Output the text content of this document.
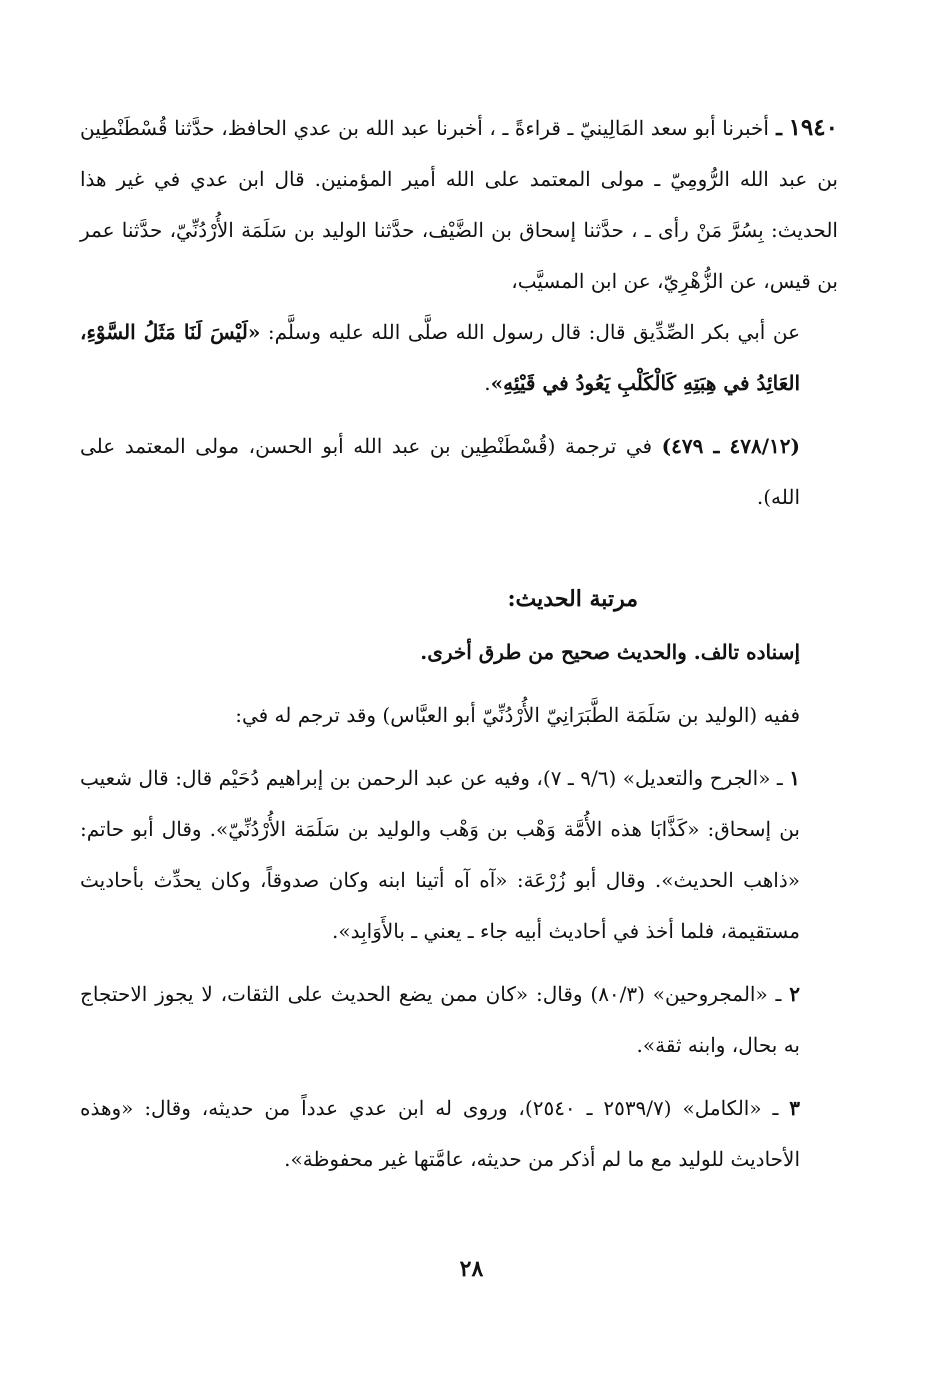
١٩٤٠ ـ أخبرنا أبو سعد المَالِينيّ ـ قراءةً ـ ، أخبرنا عبد الله بن عدي الحافظ، حدَّثنا قُسْطَنْطِين بن عبد الله الرُّومِيّ ـ مولى المعتمد على الله أمير المؤمنين. قال ابن عدي في غير هذا الحديث: بِسُرَّ مَنْ رأى ـ ، حدَّثنا إسحاق بن الضَّيْف، حدَّثنا الوليد بن سَلَمَة الأُرْدُنِّيّ، حدَّثنا عمر بن قيس، عن الزُّهْرِيّ، عن ابن المسيَّب،

عن أبي بكر الصِّدِّيق قال: قال رسول الله صلَّى الله عليه وسلَّم: «لَيْسَ لَنَا مَثَلُ السَّوْءِ، العَائِدُ في هِبَتِهِ كَالْكَلْبِ يَعُودُ في قَيْئِهِ».

(٤٧٨/١٢ ـ ٤٧٩) في ترجمة (قُسْطَنْطِين بن عبد الله أبو الحسن، مولى المعتمد على الله).

مرتبة الحديث:

إسناده تالف. والحديث صحيح من طرق أخرى.

ففيه (الوليد بن سَلَمَة الطَّبَرَانِيّ الأُرْدُنِّيّ أبو العبَّاس) وقد ترجم له في:

١ ـ «الجرح والتعديل» (٩/٦ ـ ٧)، وفيه عن عبد الرحمن بن إبراهيم دُحَيْم قال: قال شعيب بن إسحاق: «كَذَّابَا هذه الأُمَّة وَهْب بن وَهْب والوليد بن سَلَمَة الأُرْدُنِّيّ». وقال أبو حاتم: «ذاهب الحديث». وقال أبو زُرْعَة: «آه آه أتينا ابنه وكان صدوقاً، وكان يحدِّث بأحاديث مستقيمة، فلما أخذ في أحاديث أبيه جاء ـ يعني ـ بالأَوَابِد».

٢ ـ «المجروحين» (٨٠/٣) وقال: «كان ممن يضع الحديث على الثقات، لا يجوز الاحتجاج به بحال، وابنه ثقة».

٣ ـ «الكامل» (٢٥٣٩/٧ ـ ٢٥٤٠)، وروى له ابن عدي عدداً من حديثه، وقال: «وهذه الأحاديث للوليد مع ما لم أذكر من حديثه، عامَّتها غير محفوظة».

٢٨
